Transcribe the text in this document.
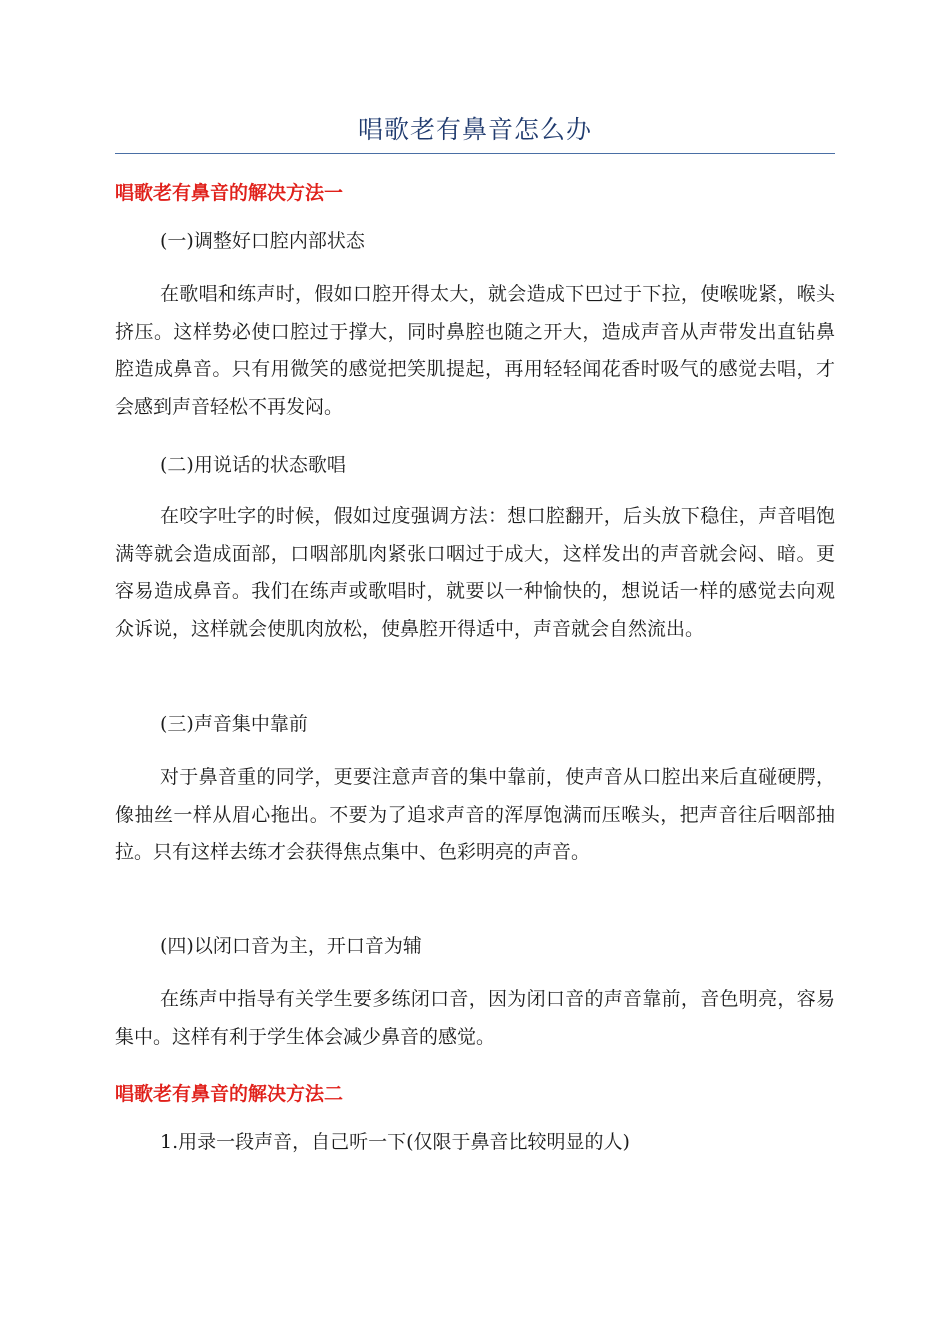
唱歌老有鼻音怎么办
唱歌老有鼻音的解决方法一
(一)调整好口腔内部状态

在歌唱和练声时，假如口腔开得太大，就会造成下巴过于下拉，使喉咙紧，喉头挤压。这样势必使口腔过于撑大，同时鼻腔也随之开大，造成声音从声带发出直钻鼻腔造成鼻音。只有用微笑的感觉把笑肌提起，再用轻轻闻花香时吸气的感觉去唱，才会感到声音轻松不再发闷。

(二)用说话的状态歌唱

在咬字吐字的时候，假如过度强调方法：想口腔翻开，后头放下稳住，声音唱饱满等就会造成面部，口咽部肌肉紧张口咽过于成大，这样发出的声音就会闷、暗。更容易造成鼻音。我们在练声或歌唱时，就要以一种愉快的，想说话一样的感觉去向观众诉说，这样就会使肌肉放松，使鼻腔开得适中，声音就会自然流出。

(三)声音集中靠前

对于鼻音重的同学，更要注意声音的集中靠前，使声音从口腔出来后直碰硬腭，像抽丝一样从眉心拖出。不要为了追求声音的浑厚饱满而压喉头，把声音往后咽部抽拉。只有这样去练才会获得焦点集中、色彩明亮的声音。

(四)以闭口音为主，开口音为辅

在练声中指导有关学生要多练闭口音，因为闭口音的声音靠前，音色明亮，容易集中。这样有利于学生体会减少鼻音的感觉。

唱歌老有鼻音的解决方法二
1.用录一段声音，自己听一下(仅限于鼻音比较明显的人)
